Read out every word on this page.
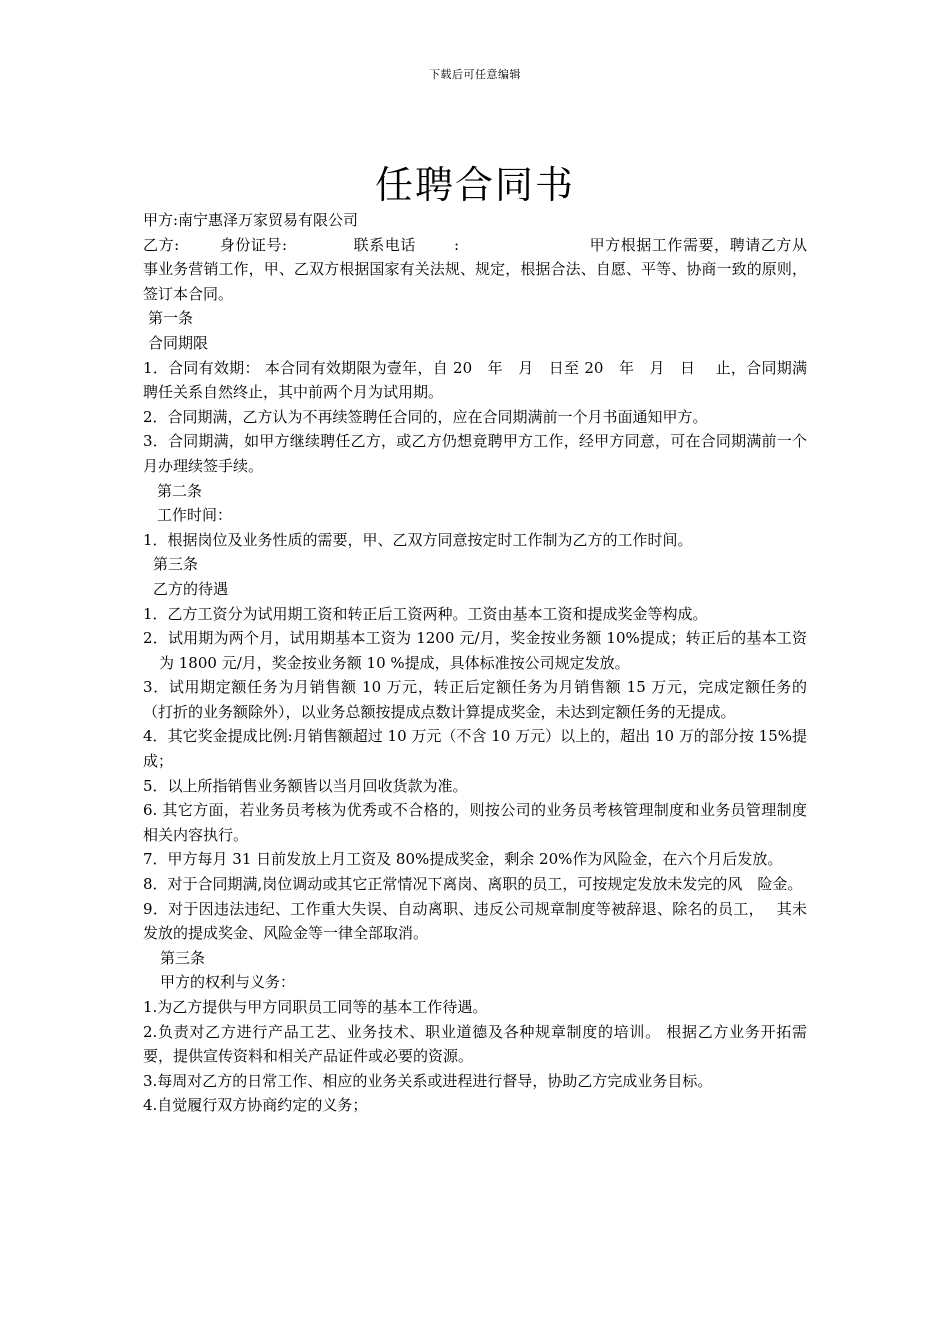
下载后可任意编辑
任聘合同书

甲方:南宁惠泽万家贸易有限公司

乙方:	身份证号:	联系电话	:	甲方根据工作需要，聘请乙方从事业务营销工作，甲、乙双方根据国家有关法规、规定，根据合法、自愿、平等、协商一致的原则，签订本合同。

第一条

合同期限

1．合同有效期： 本合同有效期限为壹年，自 20　年　月　日至 20　年　月　日　 止，合同期满聘任关系自然终止，其中前两个月为试用期。

2．合同期满，乙方认为不再续签聘任合同的，应在合同期满前一个月书面通知甲方。

3．合同期满，如甲方继续聘任乙方，或乙方仍想竟聘甲方工作，经甲方同意，可在合同期满前一个月办理续签手续。

第二条

工作时间：

1．根据岗位及业务性质的需要，甲、乙双方同意按定时工作制为乙方的工作时间。

第三条

乙方的待遇

1．乙方工资分为试用期工资和转正后工资两种。工资由基本工资和提成奖金等构成。

2．试用期为两个月，试用期基本工资为 1200 元/月，奖金按业务额 10%提成；转正后的基本工资为 1800 元/月，奖金按业务额 10 %提成，具体标准按公司规定发放。

3．试用期定额任务为月销售额 10 万元，转正后定额任务为月销售额 15 万元，完成定额任务的（打折的业务额除外），以业务总额按提成点数计算提成奖金，未达到定额任务的无提成。

4．其它奖金提成比例:月销售额超过 10 万元（不含 10 万元）以上的，超出 10 万的部分按 15%提成；

5．以上所指销售业务额皆以当月回收货款为准。

6. 其它方面，若业务员考核为优秀或不合格的，则按公司的业务员考核管理制度和业务员管理制度相关内容执行。

7．甲方每月 31 日前发放上月工资及 80%提成奖金，剩余 20%作为风险金，在六个月后发放。

8．对于合同期满,岗位调动或其它正常情况下离岗、离职的员工，可按规定发放未发完的风　险金。

9．对于因违法违纪、工作重大失误、自动离职、违反公司规章制度等被辞退、除名的员工，　 其未发放的提成奖金、风险金等一律全部取消。

第三条

甲方的权利与义务：

1.为乙方提供与甲方同职员工同等的基本工作待遇。

2.负责对乙方进行产品工艺、业务技术、职业道德及各种规章制度的培训。 根据乙方业务开拓需要，提供宣传资料和相关产品证件或必要的资源。

3.每周对乙方的日常工作、相应的业务关系或进程进行督导，协助乙方完成业务目标。

4.自觉履行双方协商约定的义务；
